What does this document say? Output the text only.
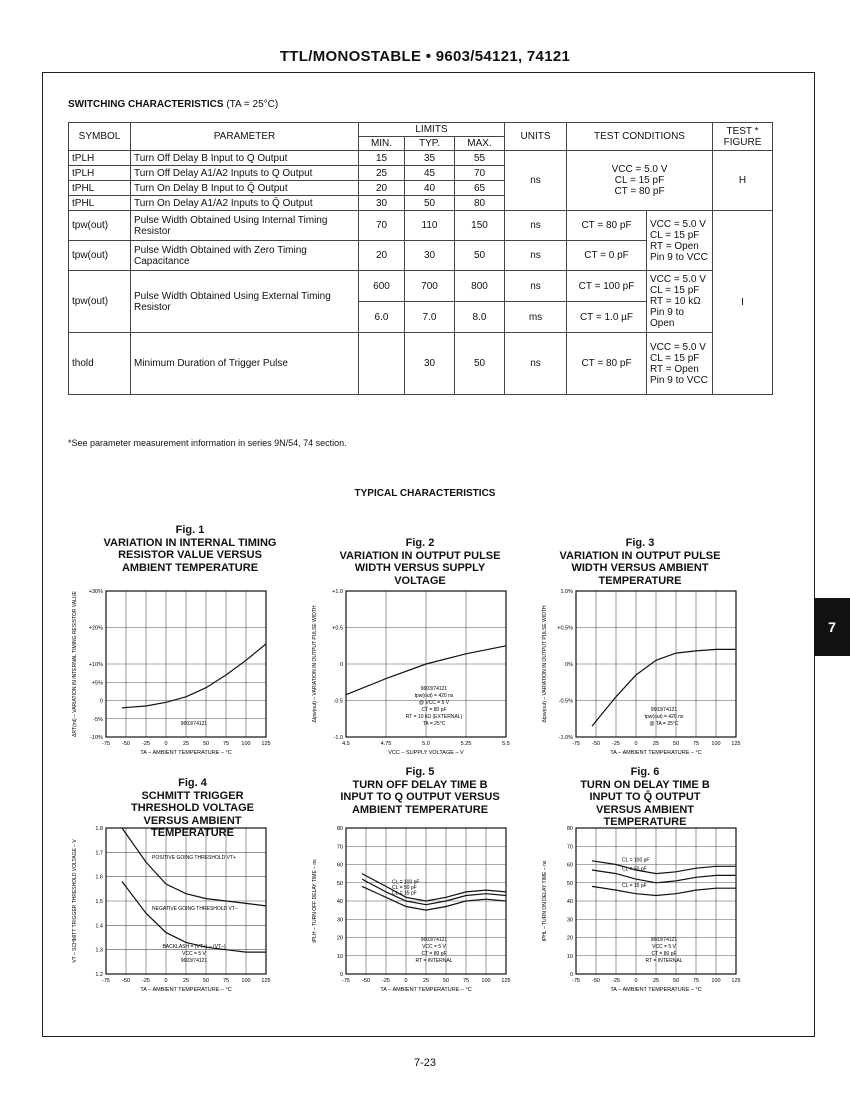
TTL/MONOSTABLE • 9603/54121, 74121
SWITCHING CHARACTERISTICS (TA = 25°C)
SYMBOL	PARAMETER	LIMITS			UNITS	TEST CONDITIONS		TEST * FIGURE
		MIN.	TYP.	MAX.				
tPLH	Turn Off Delay B Input to Q Output	15	35	55	ns	VCC = 5.0 V
CL = 15 pF
CT = 80 pF		H
tPLH	Turn Off Delay A1/A2 Inputs to Q Output	25	45	70				
tPHL	Turn On Delay B Input to Q̄ Output	20	40	65				
tPHL	Turn On Delay A1/A2 Inputs to Q̄ Output	30	50	80				
tpw(out)	Pulse Width Obtained Using Internal Timing Resistor	70	110	150	ns	CT = 80 pF	VCC = 5.0 V
CL = 15 pF
RT = Open
Pin 9 to VCC	I
tpw(out)	Pulse Width Obtained with Zero Timing Capacitance	20	30	50	ns	CT = 0 pF		
tpw(out)	Pulse Width Obtained Using External Timing Resistor	600	700	800	ns	CT = 100 pF	VCC = 5.0 V
CL = 15 pF
RT = 10 kΩ
Pin 9 to Open	

		6.0	7.0	8.0	ms	CT = 1.0 µF		
thold	Minimum Duration of Trigger Pulse		30	50	ns	CT = 80 pF	VCC = 5.0 V
CL = 15 pF
RT = Open
Pin 9 to VCC	
*See parameter measurement information in series 9N/54, 74 section.
TYPICAL CHARACTERISTICS
Fig. 1
VARIATION IN INTERNAL TIMING RESISTOR VALUE VERSUS AMBIENT TEMPERATURE
Fig. 2
VARIATION IN OUTPUT PULSE WIDTH VERSUS SUPPLY VOLTAGE
Fig. 3
VARIATION IN OUTPUT PULSE WIDTH VERSUS AMBIENT TEMPERATURE
Fig. 4
SCHMITT TRIGGER THRESHOLD VOLTAGE VERSUS AMBIENT TEMPERATURE
Fig. 5
TURN OFF DELAY TIME B INPUT TO Q OUTPUT VERSUS AMBIENT TEMPERATURE
Fig. 6
TURN ON DELAY TIME B INPUT TO Q̄ OUTPUT VERSUS AMBIENT TEMPERATURE
-75 -50 -25	0	25	50	75 100 125
+30%
+20%
+10%
+5%
0
-5%
-10%
TA – AMBIENT TEMPERATURE – °C
ΔRT(int) – VARIATION IN INTERNAL TIMING RESISTOR VALUE	9603/74121
4.5	4.75	5.0	5.25	5.5
+1.0
+0.5
0
-0.5
-1.0
VCC – SUPPLY VOLTAGE – V
Δtpw(out) – VARIATION IN OUTPUT PULSE WIDTH	9603/74121
tpw(out) = 420 ns
@ VCC = 5 V
CT = 80 pF
RT = 10 kΩ (EXTERNAL)
TA = 25°C
-75 -50 -25	0	25	50	75 100 125
1.0%
+0.5%
0%
-0.5%
-1.0%
TA – AMBIENT TEMPERATURE – °C
Δtpw(out) – VARIATION IN OUTPUT PULSE WIDTH	9603/74121
tpw(out) = 420 ns
@ TA = 25°C
-75 -50 -25	0	25	50	75 100 125
1.8
1.7
1.6
1.5
1.4
1.3
1.2
TA – AMBIENT TEMPERATURE – °C
VT – SCHMITT TRIGGER THRESHOLD VOLTAGE – V	POSITIVE GOING THRESHOLD VT+
NEGATIVE GOING THRESHOLD VT–
BACKLASH = (VT+) – (VT–)
VCC = 5 V
9603/74121
-75 -50 -25	0	25	50	75 100 125
80
70
60
50
40
30
20
10
0
TA – AMBIENT TEMPERATURE – °C
tPLH – TURN OFF DELAY TIME – ns	CL = 100 pF
CL = 50 pF
CL = 15 pF
9603/74121
VCC = 5 V
CT = 80 pF
RT = INTERNAL
-75 -50 -25	0	25	50	75 100 125
80
70
60
50
40
30
20
10
0
TA – AMBIENT TEMPERATURE – °C
tPHL – TURN ON DELAY TIME – ns
CL = 100 pF
CL = 50 pF
CL = 15 pF
9603/74121
VCC = 5 V
CT = 80 pF
RT = INTERNAL
7
7-23
